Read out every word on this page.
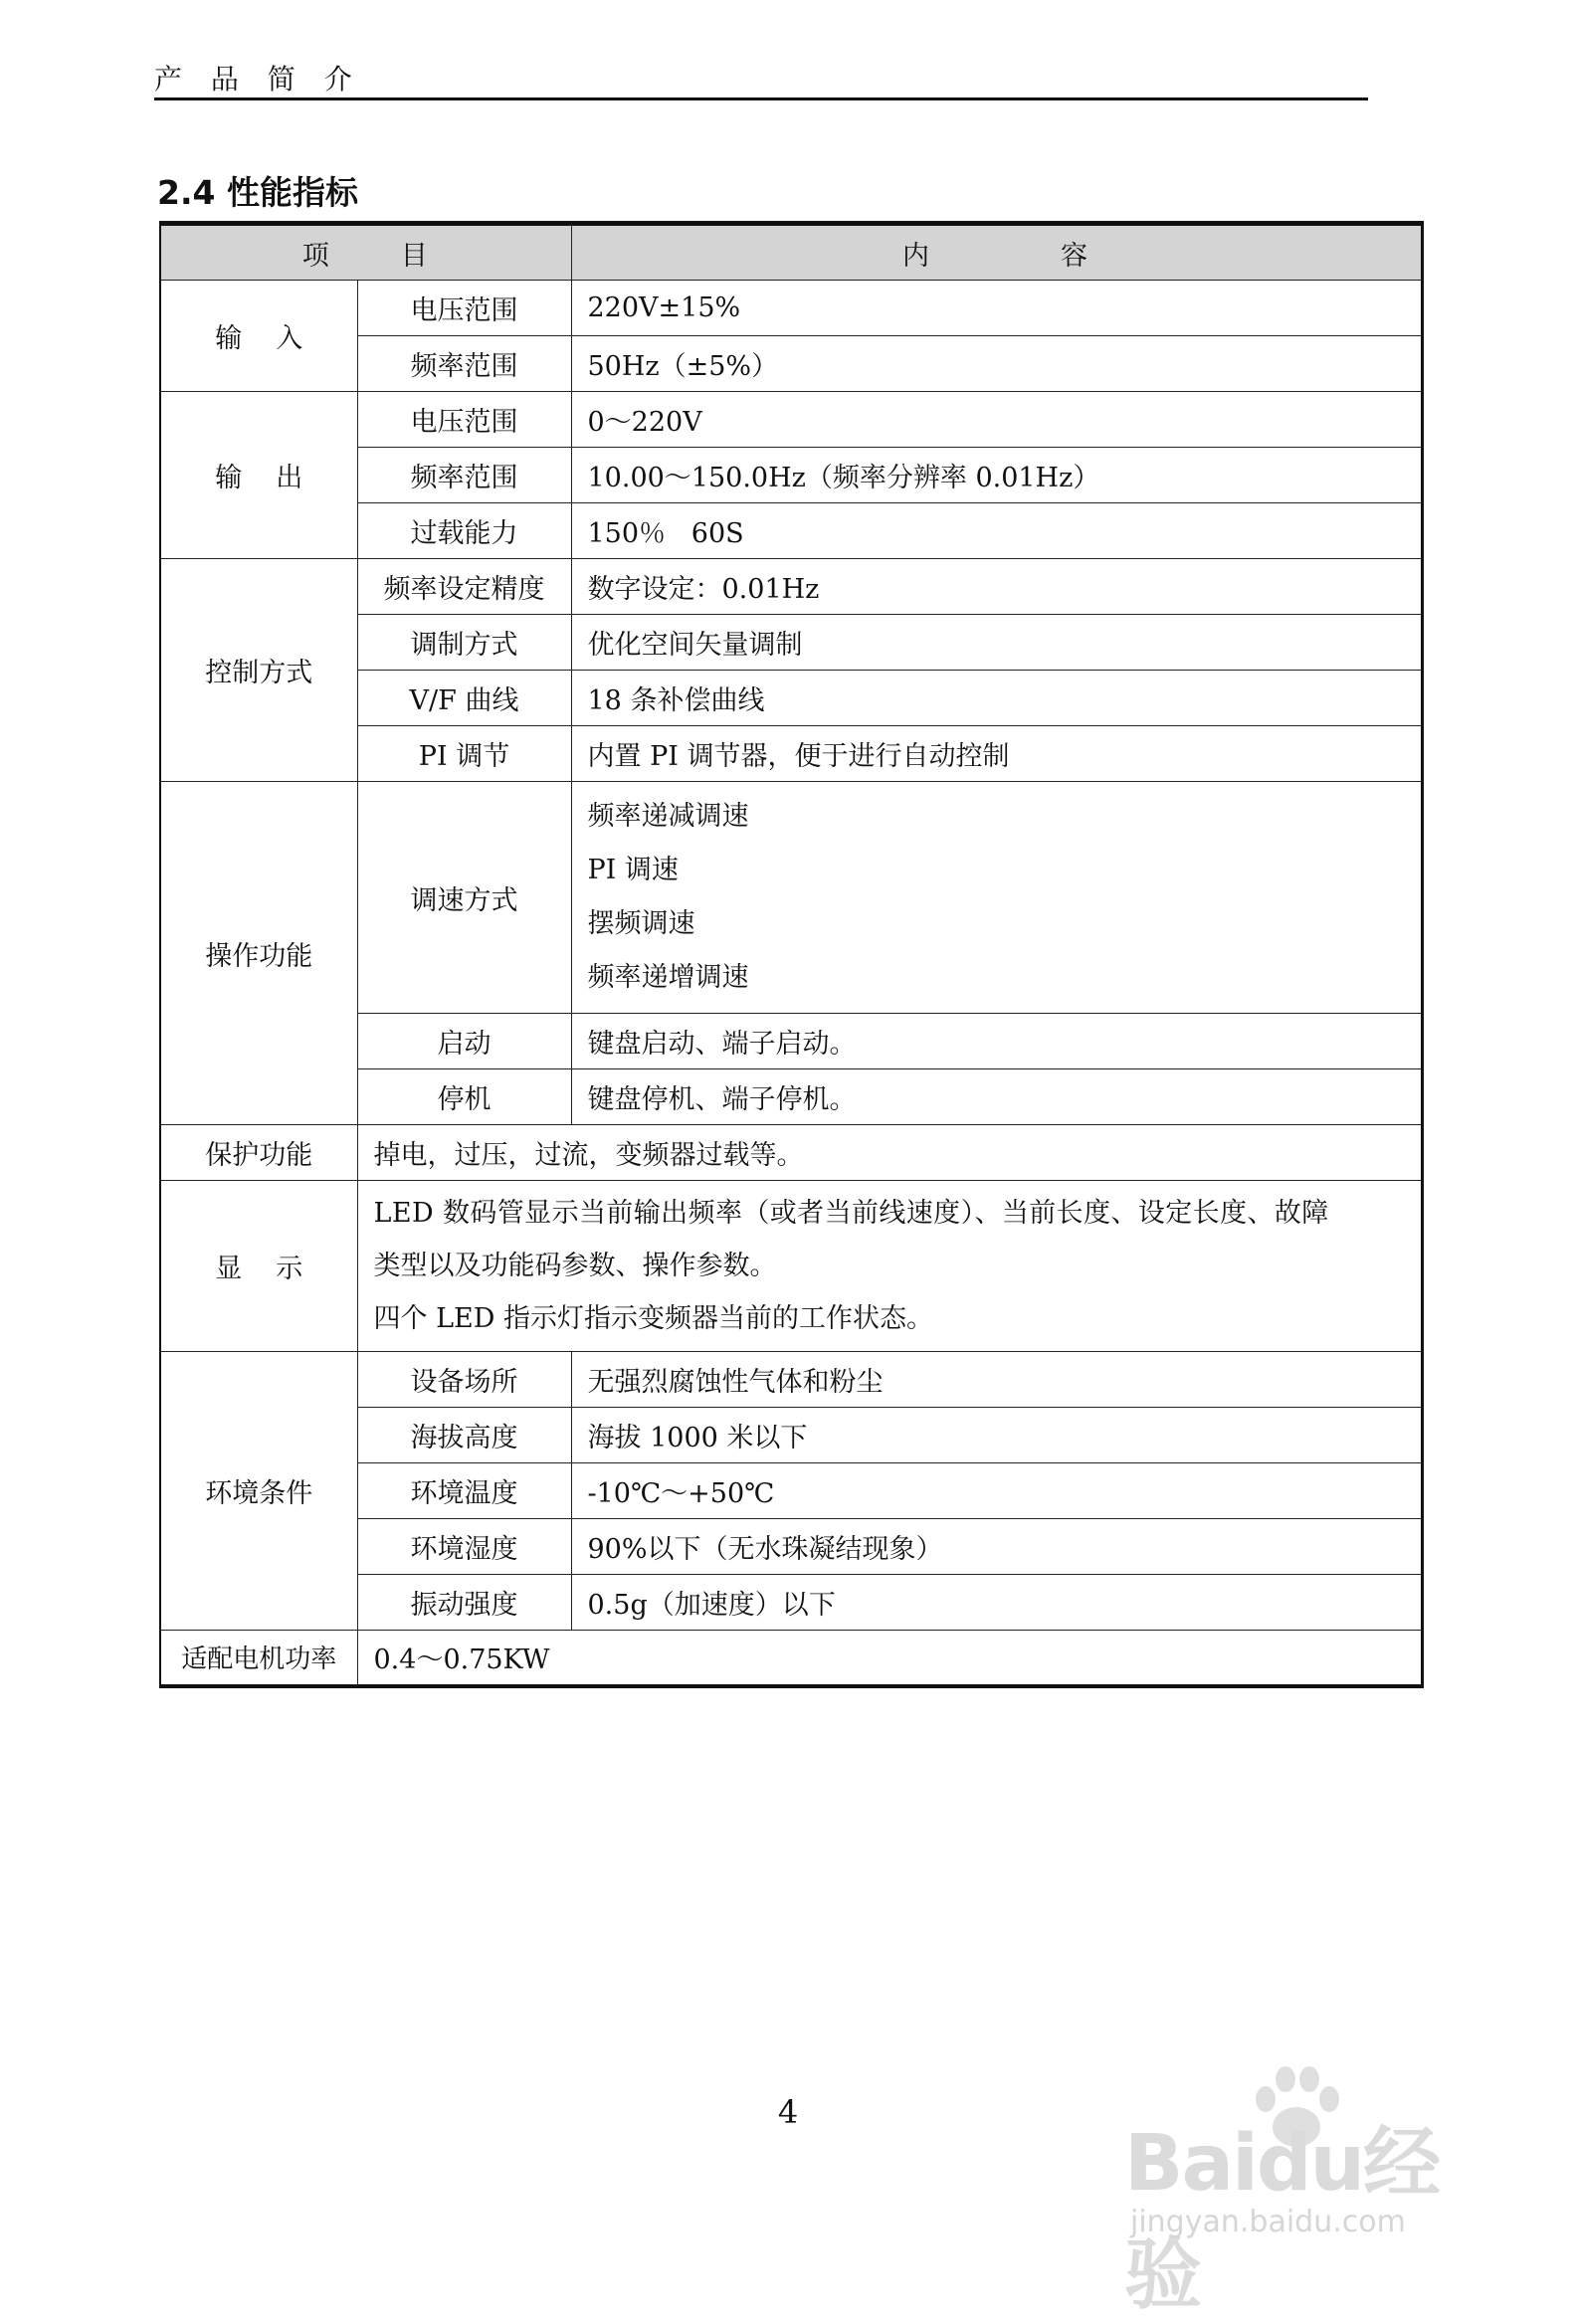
产 品 简 介
2.4 性能指标
项 目		内 容
输 入	电压范围	220V±15%
	频率范围	50Hz（±5%）
输 出	电压范围	0～220V
	频率范围	10.00～150.0Hz（频率分辨率 0.01Hz）
	过载能力	150％   60S
控制方式	频率设定精度	数字设定：0.01Hz
	调制方式	优化空间矢量调制
	V/F 曲线	18 条补偿曲线
	PI 调节	内置 PI 调节器，便于进行自动控制
操作功能	调速方式	频率递减调速
PI 调速
摆频调速
频率递增调速

	启动	键盘启动、端子启动。
	停机	键盘停机、端子停机。
保护功能	掉电，过压，过流，变频器过载等。	
显 示	LED 数码管显示当前输出频率（或者当前线速度）、当前长度、设定长度、故障
类型以及功能码参数、操作参数。
四个 LED 指示灯指示变频器当前的工作状态。	

环境条件	设备场所	无强烈腐蚀性气体和粉尘
	海拔高度	海拔 1000 米以下
	环境温度	-10℃～+50℃
	环境湿度	90%以下（无水珠凝结现象）
	振动强度	0.5g（加速度）以下
适配电机功率	0.4～0.75KW	
4
Baidu经验
jingyan.baidu.com
